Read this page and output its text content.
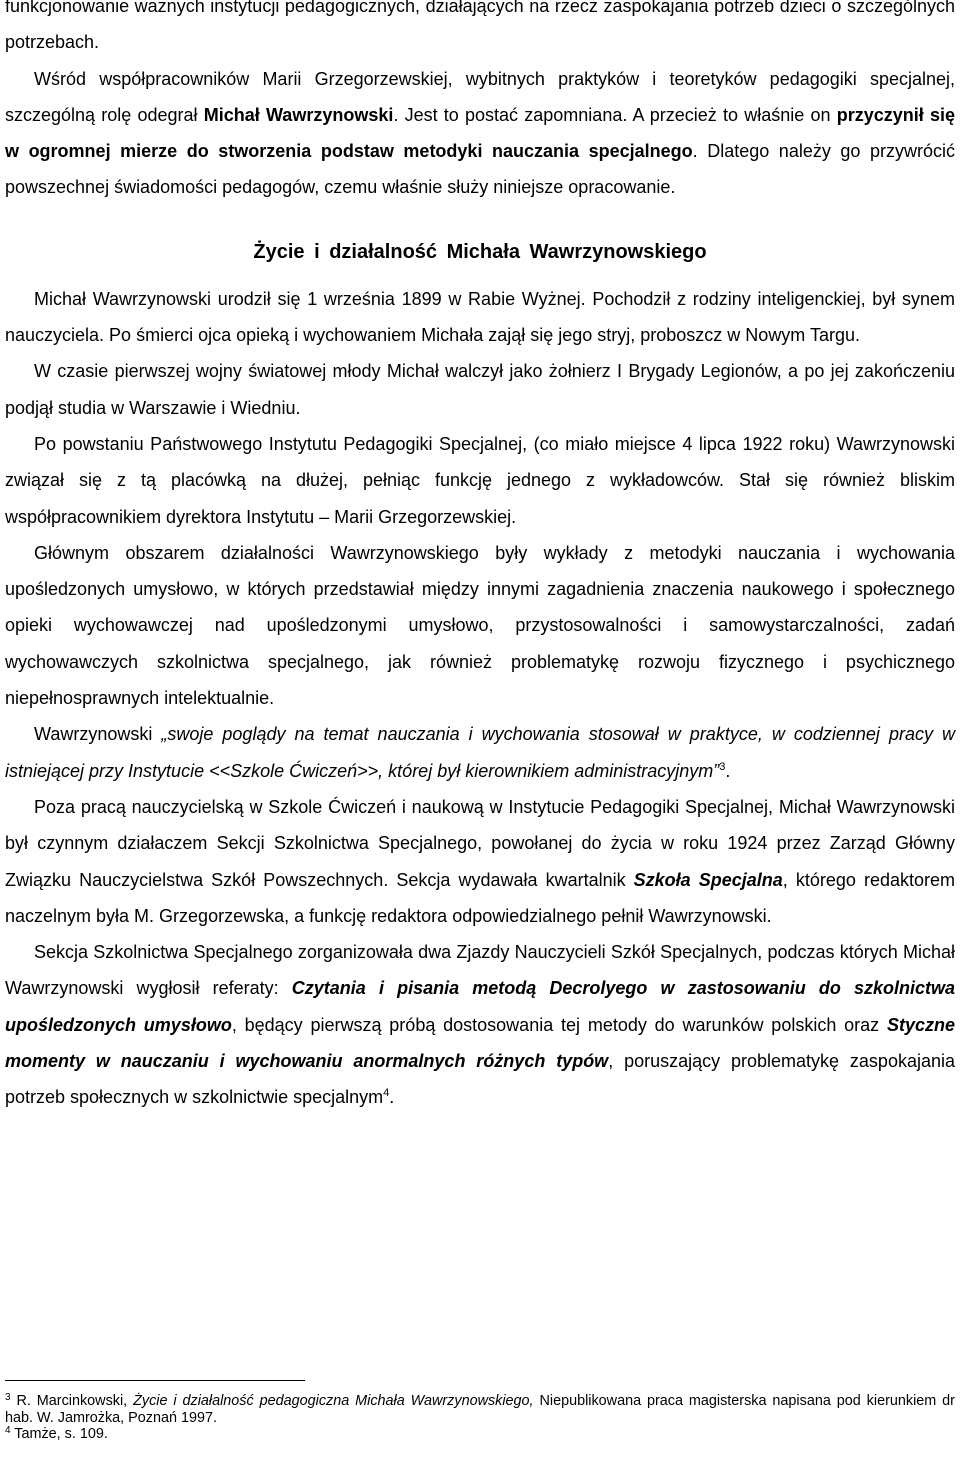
funkcjonowanie ważnych instytucji pedagogicznych, działających na rzecz zaspokajania potrzeb dzieci o szczególnych potrzebach.

Wśród współpracowników Marii Grzegorzewskiej, wybitnych praktyków i teoretyków pedagogiki specjalnej, szczególną rolę odegrał Michał Wawrzynowski. Jest to postać zapomniana. A przecież to właśnie on przyczynił się w ogromnej mierze do stworzenia podstaw metodyki nauczania specjalnego. Dlatego należy go przywrócić powszechnej świadomości pedagogów, czemu właśnie służy niniejsze opracowanie.

Życie i działalność Michała Wawrzynowskiego

Michał Wawrzynowski urodził się 1 września 1899 w Rabie Wyżnej. Pochodził z rodziny inteligenckiej, był synem nauczyciela. Po śmierci ojca opieką i wychowaniem Michała zajął się jego stryj, proboszcz w Nowym Targu.

W czasie pierwszej wojny światowej młody Michał walczył jako żołnierz I Brygady Legionów, a po jej zakończeniu podjął studia w Warszawie i Wiedniu.

Po powstaniu Państwowego Instytutu Pedagogiki Specjalnej, (co miało miejsce 4 lipca 1922 roku) Wawrzynowski związał się z tą placówką na dłużej, pełniąc funkcję jednego z wykładowców. Stał się również bliskim współpracownikiem dyrektora Instytutu – Marii Grzegorzewskiej.

Głównym obszarem działalności Wawrzynowskiego były wykłady z metodyki nauczania i wychowania upośledzonych umysłowo, w których przedstawiał między innymi zagadnienia znaczenia naukowego i społecznego opieki wychowawczej nad upośledzonymi umysłowo, przystosowalności i samowystarczalności, zadań wychowawczych szkolnictwa specjalnego, jak również problematykę rozwoju fizycznego i psychicznego niepełnosprawnych intelektualnie.

Wawrzynowski „swoje poglądy na temat nauczania i wychowania stosował w praktyce, w codziennej pracy w istniejącej przy Instytucie <<Szkole Ćwiczeń>>, której był kierownikiem administracyjnym”$^3$.

Poza pracą nauczycielską w Szkole Ćwiczeń i naukową w Instytucie Pedagogiki Specjalnej, Michał Wawrzynowski był czynnym działaczem Sekcji Szkolnictwa Specjalnego, powołanej do życia w roku 1924 przez Zarząd Główny Związku Nauczycielstwa Szkół Powszechnych. Sekcja wydawała kwartalnik Szkoła Specjalna, którego redaktorem naczelnym była M. Grzegorzewska, a funkcję redaktora odpowiedzialnego pełnił Wawrzynowski.

Sekcja Szkolnictwa Specjalnego zorganizowała dwa Zjazdy Nauczycieli Szkół Specjalnych, podczas których Michał Wawrzynowski wygłosił referaty: Czytania i pisania metodą Decrolyego w zastosowaniu do szkolnictwa upośledzonych umysłowo, będący pierwszą próbą dostosowania tej metody do warunków polskich oraz Styczne momenty w nauczaniu i wychowaniu anormalnych różnych typów, poruszający problematykę zaspokajania potrzeb społecznych w szkolnictwie specjalnym$^4$.

$^3$ R. Marcinkowski, Życie i działalność pedagogiczna Michała Wawrzynowskiego, Niepublikowana praca magisterska napisana pod kierunkiem dr hab. W. Jamrożka, Poznań 1997.

$^4$ Tamże, s. 109.
